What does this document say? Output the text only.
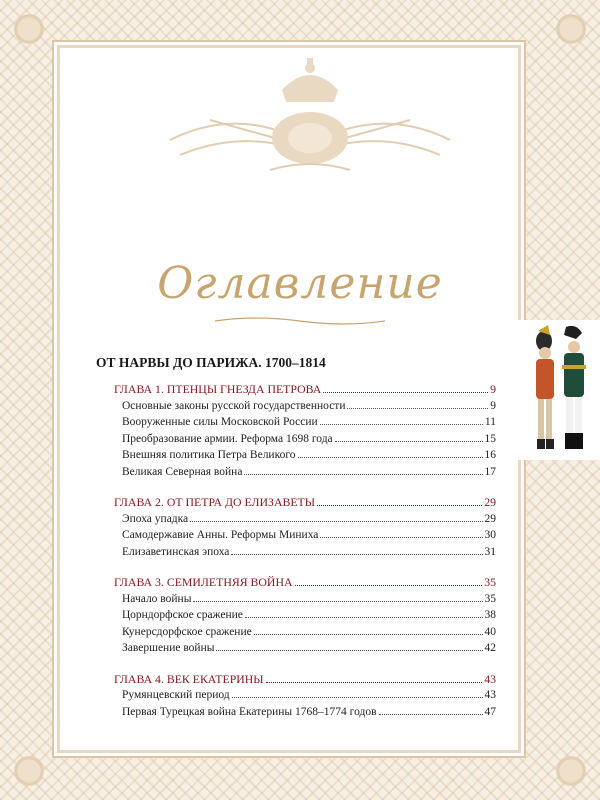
Оглавление
ОТ НАРВЫ ДО ПАРИЖА. 1700–1814
ГЛАВА 1. ПТЕНЦЫ ГНЕЗДА ПЕТРОВА	9
Основные законы русской государственности	9
Вооруженные силы Московской России	11
Преобразование армии. Реформа 1698 года	15
Внешняя политика Петра Великого	16
Великая Северная война	17
ГЛАВА 2. ОТ ПЕТРА ДО ЕЛИЗАВЕТЫ	29
Эпоха упадка	29
Самодержавие Анны. Реформы Миниха	30
Елизаветинская эпоха	31
ГЛАВА 3. СЕМИЛЕТНЯЯ ВОЙНА	35
Начало войны	35
Цорндорфское сражение	38
Кунерсдорфское сражение	40
Завершение войны	42
ГЛАВА 4. ВЕК ЕКАТЕРИНЫ	43
Румянцевский период	43
Первая Турецкая война Екатерины 1768–1774 годов	47
